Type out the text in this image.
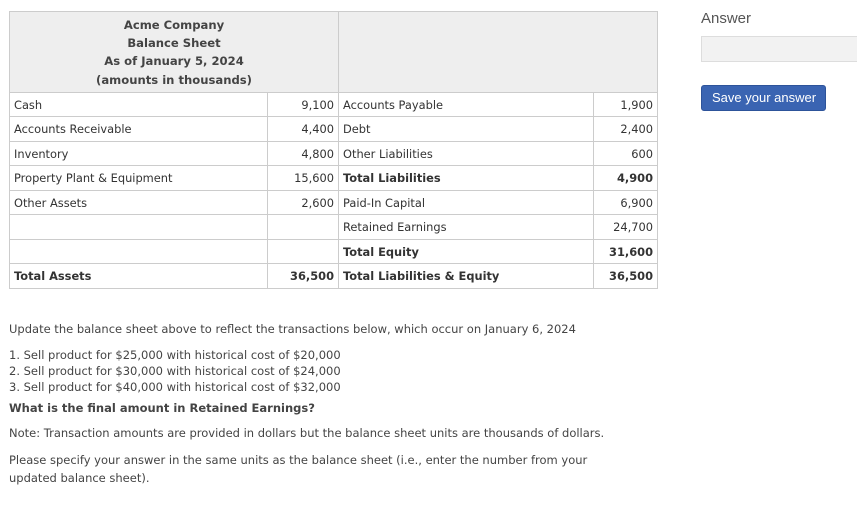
Acme Company
Balance Sheet
As of January 5, 2024
(amounts in thousands)			

Cash	9,100	Accounts Payable	1,900
Accounts Receivable	4,400	Debt	2,400
Inventory	4,800	Other Liabilities	600
Property Plant & Equipment	15,600	Total Liabilities	4,900
Other Assets	2,600	Paid-In Capital	6,900
		Retained Earnings	24,700
		Total Equity	31,600
Total Assets	36,500	Total Liabilities & Equity	36,500

Update the balance sheet above to reflect the transactions below, which occur on January 6, 2024

1. Sell product for $25,000 with historical cost of $20,000
2. Sell product for $30,000 with historical cost of $24,000
3. Sell product for $40,000 with historical cost of $32,000

What is the final amount in Retained Earnings?

Note: Transaction amounts are provided in dollars but the balance sheet units are thousands of dollars.

Please specify your answer in the same units as the balance sheet (i.e., enter the number from your updated balance sheet).

Answer

Save your answer
